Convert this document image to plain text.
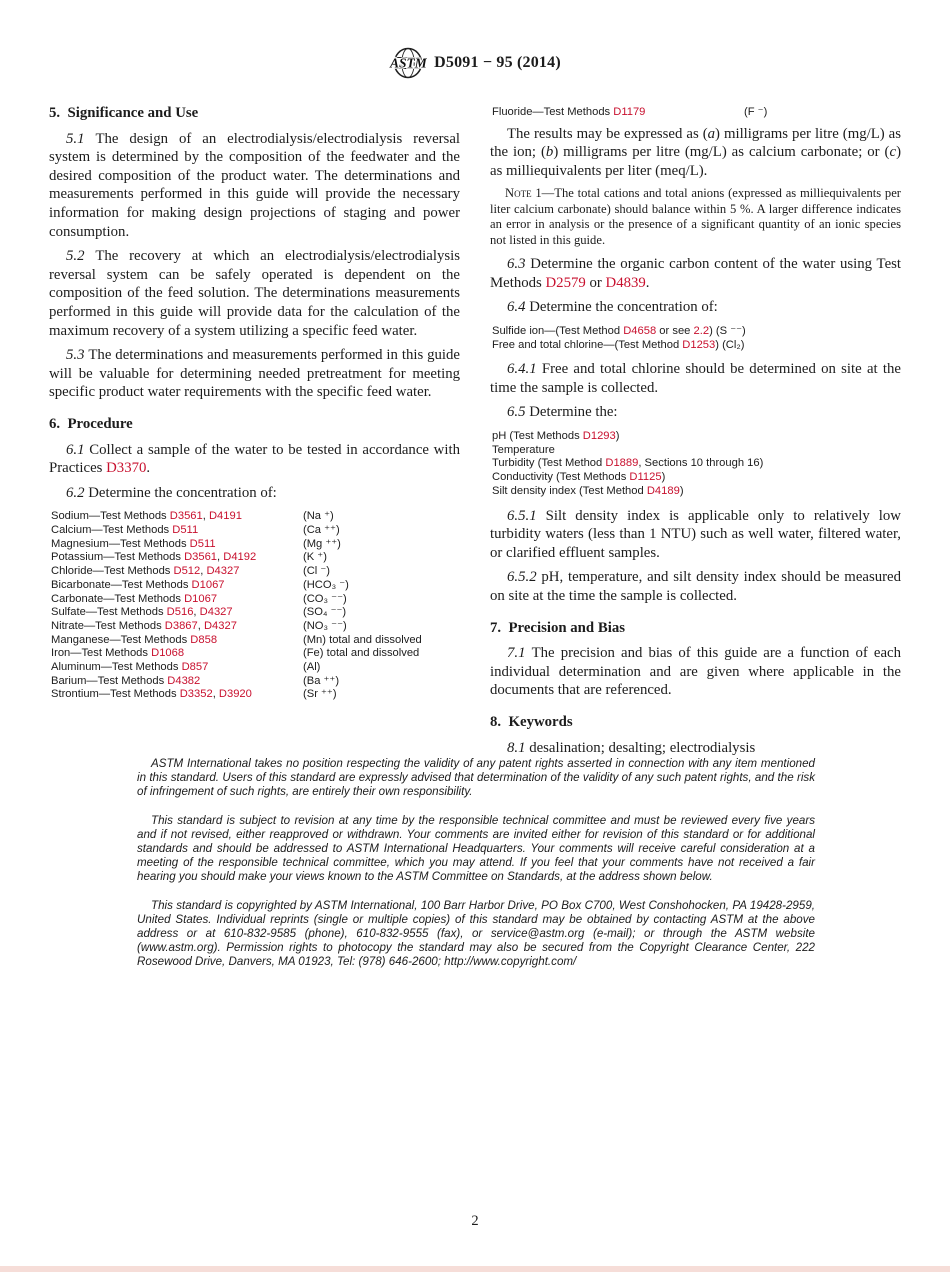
ASTM D5091 − 95 (2014)
5.  Significance and Use

5.1 The design of an electrodialysis/electrodialysis reversal system is determined by the composition of the feedwater and the desired composition of the product water. The determinations and measurements performed in this guide will provide the necessary information for making design projections of staging and power consumption.

5.2 The recovery at which an electrodialysis/electrodialysis reversal system can be safely operated is dependent on the composition of the feed solution. The determinations measurements performed in this guide will provide data for the calculation of the maximum recovery of a system utilizing a specific feed water.

5.3 The determinations and measurements performed in this guide will be valuable for determining needed pretreatment for meeting specific product water requirements with the specific feed water.

6.  Procedure

6.1 Collect a sample of the water to be tested in accordance with Practices D3370.

6.2 Determine the concentration of:

Sodium—Test Methods D3561, D4191	(Na ⁺)
Calcium—Test Methods D511	(Ca ⁺⁺)
Magnesium—Test Methods D511	(Mg ⁺⁺)
Potassium—Test Methods D3561, D4192	(K ⁺)
Chloride—Test Methods D512, D4327	(Cl ⁻)
Bicarbonate—Test Methods D1067	(HCO₃ ⁻)
Carbonate—Test Methods D1067	(CO₃ ⁻⁻)
Sulfate—Test Methods D516, D4327	(SO₄ ⁻⁻)
Nitrate—Test Methods D3867, D4327	(NO₃ ⁻⁻)
Manganese—Test Methods D858	(Mn) total and dissolved
Iron—Test Methods D1068	(Fe) total and dissolved
Aluminum—Test Methods D857	(Al)
Barium—Test Methods D4382	(Ba ⁺⁺)
Strontium—Test Methods D3352, D3920	(Sr ⁺⁺)
Fluoride—Test Methods D1179	(F ⁻)

The results may be expressed as (a) milligrams per litre (mg/L) as the ion; (b) milligrams per litre (mg/L) as calcium carbonate; or (c) as milliequivalents per liter (meq/L).

Note 1—The total cations and total anions (expressed as milliequivalents per liter calcium carbonate) should balance within 5 %. A larger difference indicates an error in analysis or the presence of a significant quantity of an ionic species not listed in this guide.

6.3 Determine the organic carbon content of the water using Test Methods D2579 or D4839.

6.4 Determine the concentration of:

Sulfide ion—(Test Method D4658 or see 2.2) (S ⁻⁻)
Free and total chlorine—(Test Method D1253) (Cl₂)

6.4.1 Free and total chlorine should be determined on site at the time the sample is collected.

6.5 Determine the:

pH (Test Methods D1293)
Temperature
Turbidity (Test Method D1889, Sections 10 through 16)
Conductivity (Test Methods D1125)
Silt density index (Test Method D4189)

6.5.1 Silt density index is applicable only to relatively low turbidity waters (less than 1 NTU) such as well water, filtered water, or clarified effluent samples.

6.5.2 pH, temperature, and silt density index should be measured on site at the time the sample is collected.

7.  Precision and Bias

7.1 The precision and bias of this guide are a function of each individual determination and are given where applicable in the documents that are referenced.

8.  Keywords

8.1 desalination; desalting; electrodialysis

ASTM International takes no position respecting the validity of any patent rights asserted in connection with any item mentioned in this standard. Users of this standard are expressly advised that determination of the validity of any such patent rights, and the risk of infringement of such rights, are entirely their own responsibility.

This standard is subject to revision at any time by the responsible technical committee and must be reviewed every five years and if not revised, either reapproved or withdrawn. Your comments are invited either for revision of this standard or for additional standards and should be addressed to ASTM International Headquarters. Your comments will receive careful consideration at a meeting of the responsible technical committee, which you may attend. If you feel that your comments have not received a fair hearing you should make your views known to the ASTM Committee on Standards, at the address shown below.

This standard is copyrighted by ASTM International, 100 Barr Harbor Drive, PO Box C700, West Conshohocken, PA 19428-2959, United States. Individual reprints (single or multiple copies) of this standard may be obtained by contacting ASTM at the above address or at 610-832-9585 (phone), 610-832-9555 (fax), or service@astm.org (e-mail); or through the ASTM website (www.astm.org). Permission rights to photocopy the standard may also be secured from the Copyright Clearance Center, 222 Rosewood Drive, Danvers, MA 01923, Tel: (978) 646-2600; http://www.copyright.com/

2
